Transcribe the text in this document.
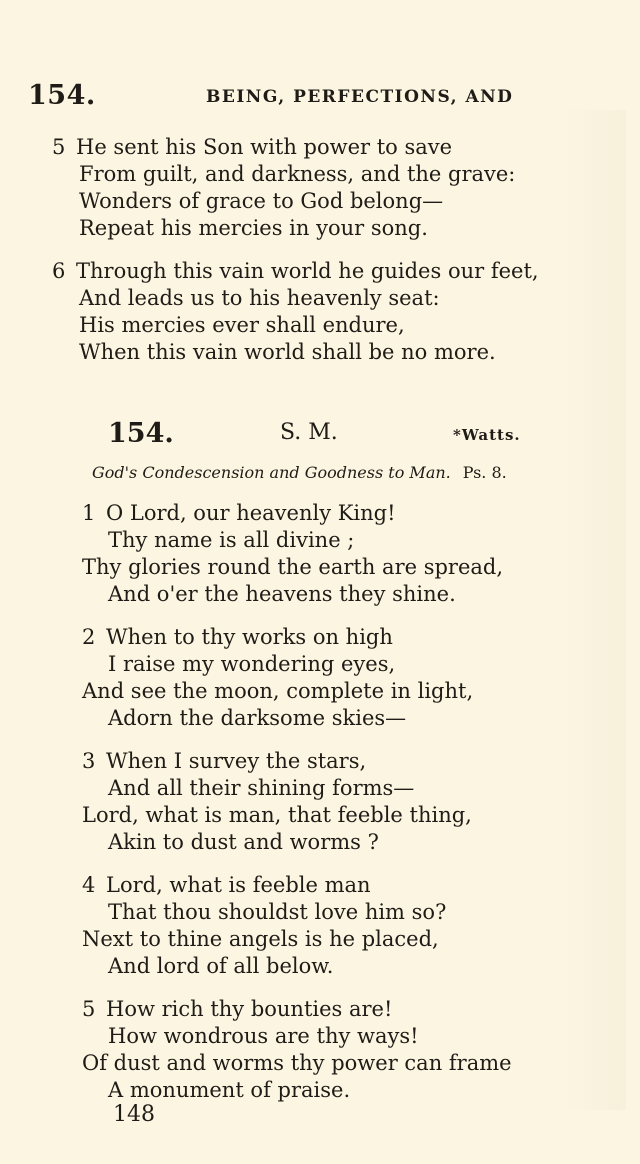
154.	BEING, PERFECTIONS, AND
5 He sent his Son with power to save
From guilt, and darkness, and the grave:
Wonders of grace to God belong—
Repeat his mercies in your song.
6 Through this vain world he guides our feet,
And leads us to his heavenly seat:
His mercies ever shall endure,
When this vain world shall be no more.
154.	S. M.	*Watts.
God's Condescension and Goodness to Man. Ps. 8.
1 O Lord, our heavenly King!
Thy name is all divine ;
Thy glories round the earth are spread,
And o'er the heavens they shine.
2 When to thy works on high
I raise my wondering eyes,
And see the moon, complete in light,
Adorn the darksome skies—
3 When I survey the stars,
And all their shining forms—
Lord, what is man, that feeble thing,
Akin to dust and worms ?
4 Lord, what is feeble man
That thou shouldst love him so?
Next to thine angels is he placed,
And lord of all below.
5 How rich thy bounties are!
How wondrous are thy ways!
Of dust and worms thy power can frame
A monument of praise.
148
